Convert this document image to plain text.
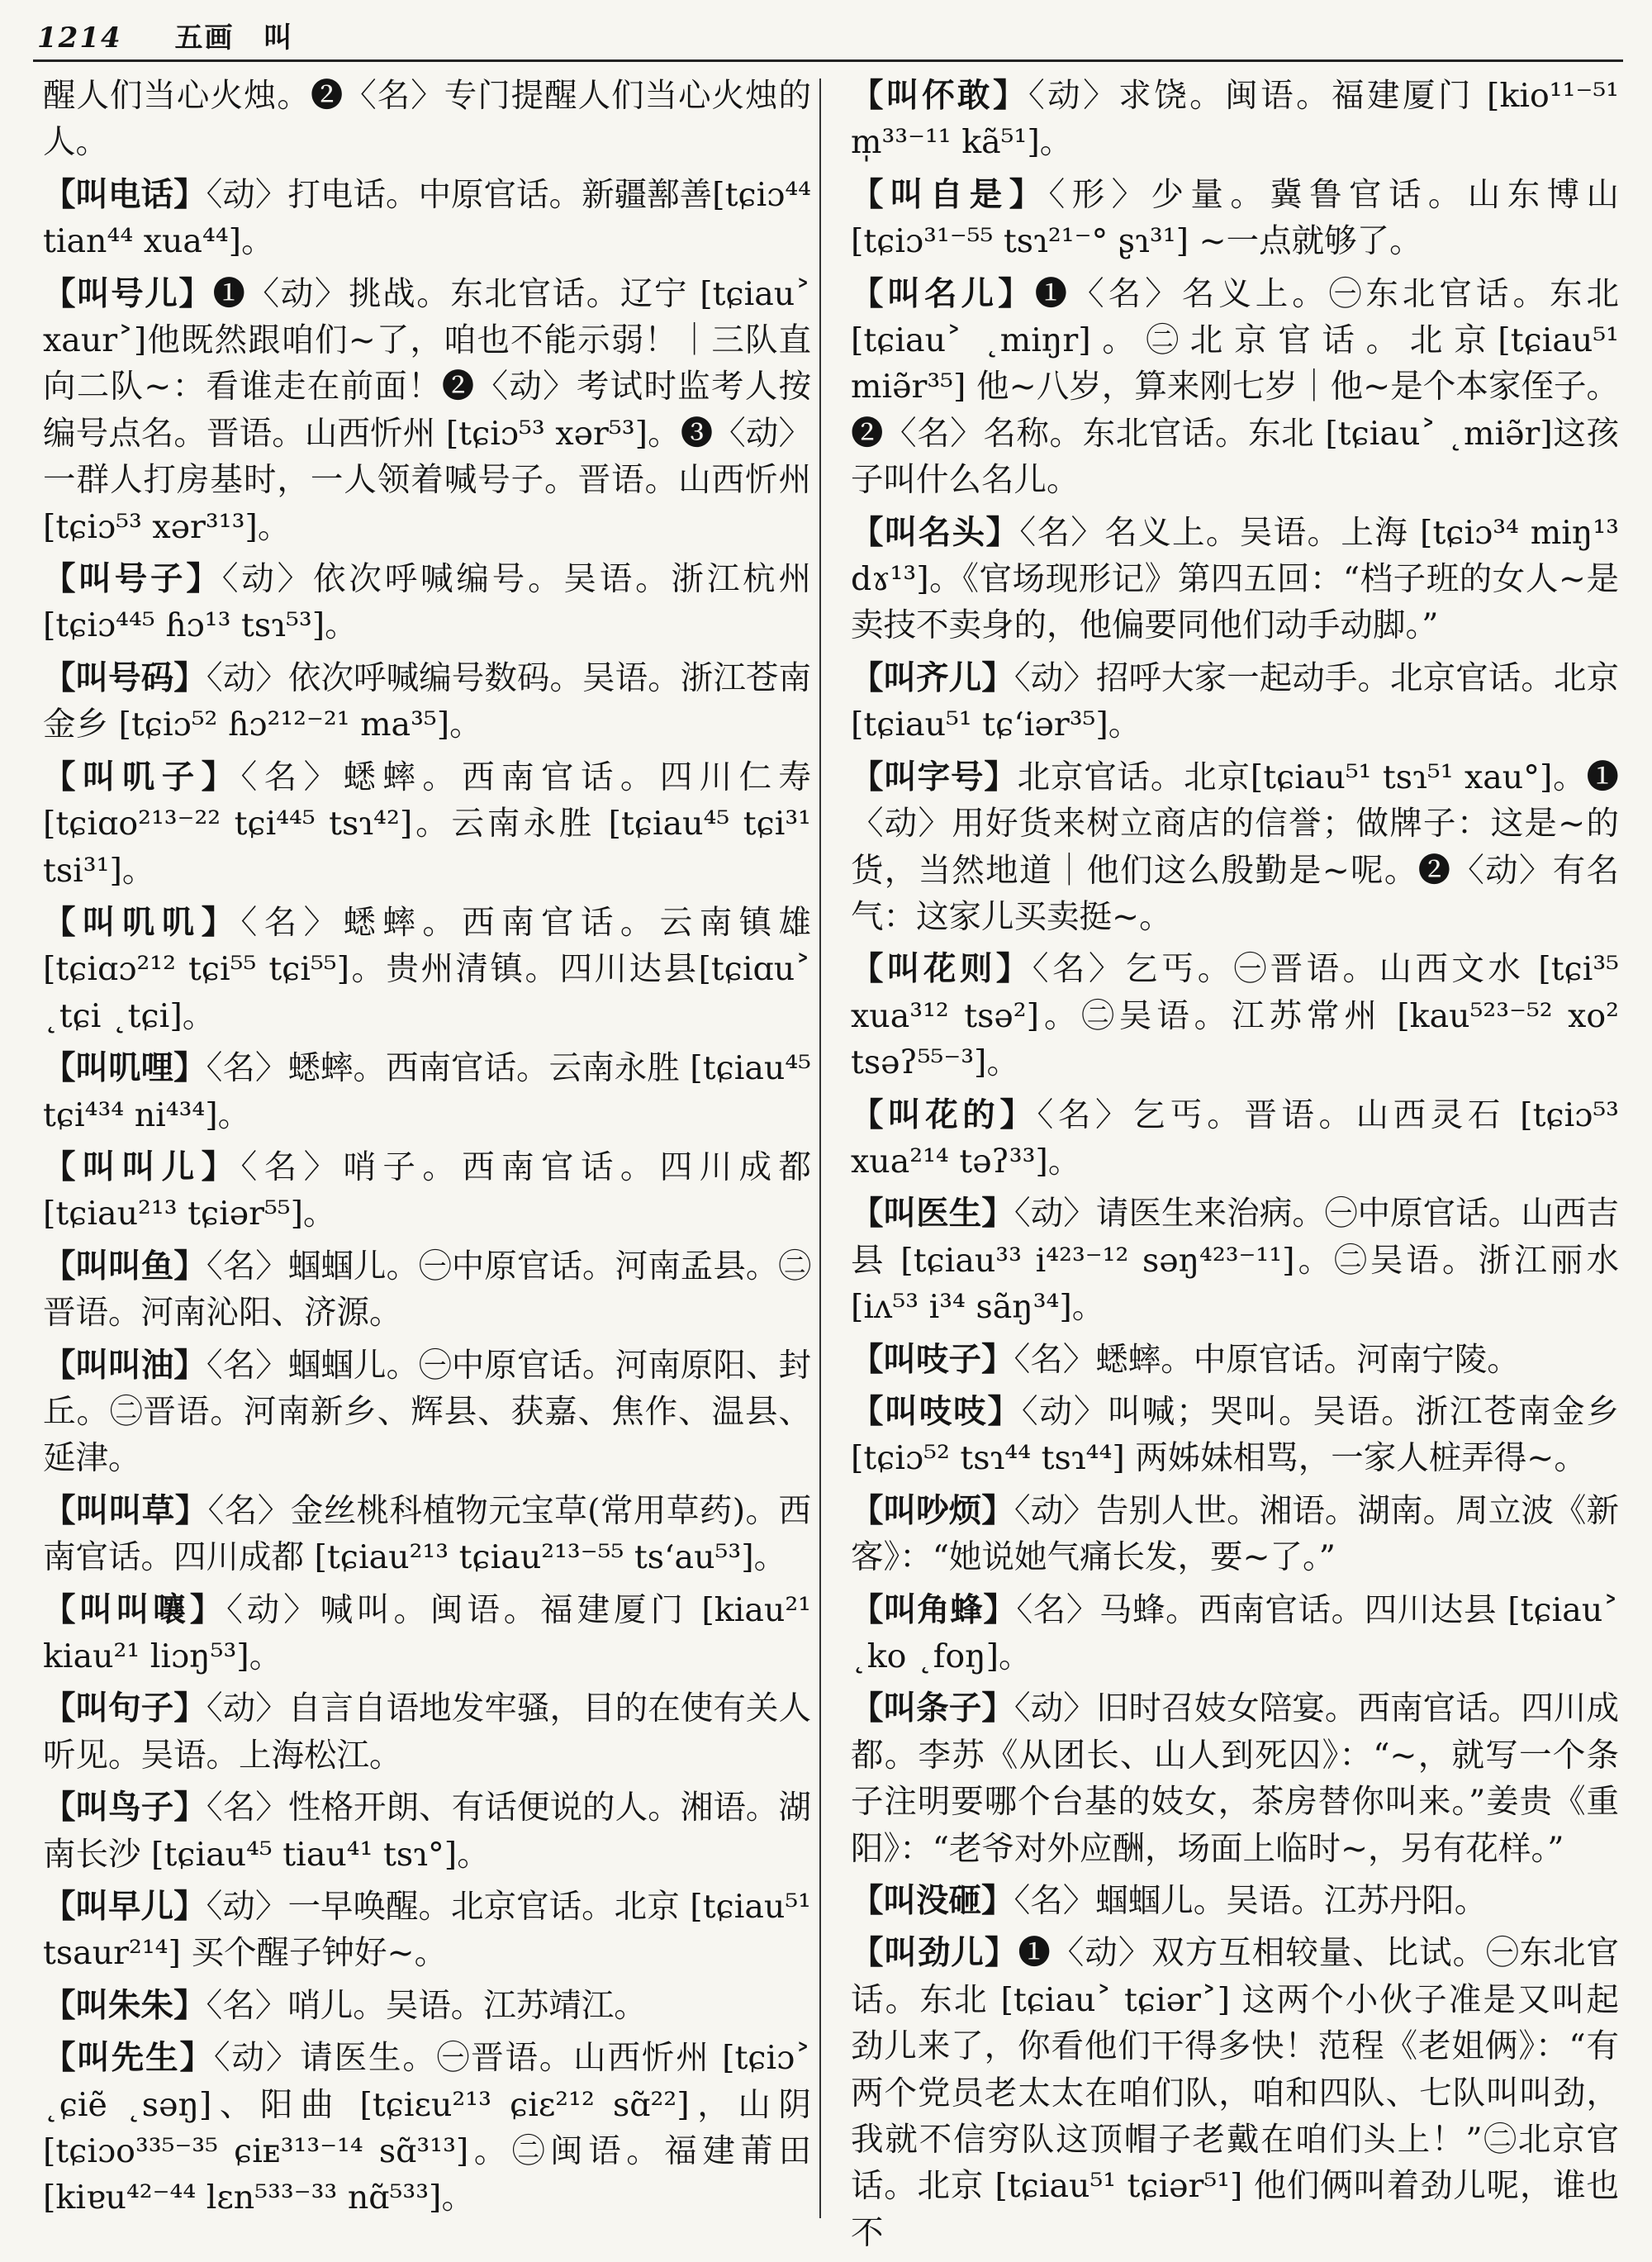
1214 五画 叫
醒人们当心火烛。❷〈名〉专门提醒人们当心火烛的人。
【叫电话】〈动〉打电话。中原官话。新疆鄯善[tɕiɔ⁴⁴ tian⁴⁴ xua⁴⁴]。
【叫号儿】❶〈动〉挑战。东北官话。辽宁 [tɕiau˃ xaur˃]他既然跟咱们~了，咱也不能示弱！｜三队直向二队~：看谁走在前面！❷〈动〉考试时监考人按编号点名。晋语。山西忻州 [tɕiɔ⁵³ xər⁵³]。❸〈动〉一群人打房基时，一人领着喊号子。晋语。山西忻州 [tɕiɔ⁵³ xər³¹³]。
【叫号子】〈动〉依次呼喊编号。吴语。浙江杭州[tɕiɔ⁴⁴⁵ ɦɔ¹³ tsɿ⁵³]。
【叫号码】〈动〉依次呼喊编号数码。吴语。浙江苍南金乡 [tɕiɔ⁵² ɦɔ²¹²⁻²¹ ma³⁵]。
【叫叽子】〈名〉蟋蟀。西南官话。四川仁寿[tɕiɑo²¹³⁻²² tɕi⁴⁴⁵ tsɿ⁴²]。云南永胜 [tɕiau⁴⁵ tɕi³¹ tsi³¹]。
【叫叽叽】〈名〉蟋蟀。西南官话。云南镇雄[tɕiɑɔ²¹² tɕi⁵⁵ tɕi⁵⁵]。贵州清镇。四川达县[tɕiɑu˃ ˛tɕi ˛tɕi]。
【叫叽哩】〈名〉蟋蟀。西南官话。云南永胜 [tɕiau⁴⁵ tɕi⁴³⁴ ni⁴³⁴]。
【叫叫儿】〈名〉哨子。西南官话。四川成都[tɕiau²¹³ tɕiər⁵⁵]。
【叫叫鱼】〈名〉蝈蝈儿。㊀中原官话。河南孟县。㊁晋语。河南沁阳、济源。
【叫叫油】〈名〉蝈蝈儿。㊀中原官话。河南原阳、封丘。㊁晋语。河南新乡、辉县、获嘉、焦作、温县、延津。
【叫叫草】〈名〉金丝桃科植物元宝草(常用草药)。西南官话。四川成都 [tɕiau²¹³ tɕiau²¹³⁻⁵⁵ ts‘au⁵³]。
【叫叫嚷】〈动〉喊叫。闽语。福建厦门 [kiau²¹ kiau²¹ liɔŋ⁵³]。
【叫句子】〈动〉自言自语地发牢骚，目的在使有关人听见。吴语。上海松江。
【叫鸟子】〈名〉性格开朗、有话便说的人。湘语。湖南长沙 [tɕiau⁴⁵ tiau⁴¹ tsɿ°]。
【叫早儿】〈动〉一早唤醒。北京官话。北京 [tɕiau⁵¹ tsaur²¹⁴] 买个醒子钟好~。
【叫朱朱】〈名〉哨儿。吴语。江苏靖江。
【叫先生】〈动〉请医生。㊀晋语。山西忻州 [tɕiɔ˃ ˛ɕiẽ ˛səŋ]、阳曲 [tɕiɛu²¹³ ɕiɛ²¹² sɑ̃²²]，山阴[tɕiɔo³³⁵⁻³⁵ ɕiᴇ³¹³⁻¹⁴ sɑ̃³¹³]。㊁闽语。福建莆田 [kiɐu⁴²⁻⁴⁴ lɛn⁵³³⁻³³ nɑ̃⁵³³]。
【叫伓敢】〈动〉求饶。闽语。福建厦门 [kio¹¹⁻⁵¹ m̩³³⁻¹¹ kã⁵¹]。
【叫自是】〈形〉少量。冀鲁官话。山东博山[tɕiɔ³¹⁻⁵⁵ tsɿ²¹⁻° ʂɿ³¹] ~一点就够了。
【叫名儿】❶〈名〉名义上。㊀东北官话。东北[tɕiau˃ ˛miŋr]。㊁北京官话。北京[tɕiau⁵¹ miə̃r³⁵] 他~八岁，算来刚七岁｜他~是个本家侄子。❷〈名〉名称。东北官话。东北 [tɕiau˃ ˛miə̃r]这孩子叫什么名儿。
【叫名头】〈名〉名义上。吴语。上海 [tɕiɔ³⁴ miŋ¹³ dɤ¹³]。《官场现形记》第四五回：“档子班的女人~是卖技不卖身的，他偏要同他们动手动脚。”
【叫齐儿】〈动〉招呼大家一起动手。北京官话。北京 [tɕiau⁵¹ tɕ‘iər³⁵]。
【叫字号】北京官话。北京[tɕiau⁵¹ tsɿ⁵¹ xau°]。❶〈动〉用好货来树立商店的信誉；做牌子：这是~的货，当然地道｜他们这么殷勤是~呢。❷〈动〉有名气：这家儿买卖挺~。
【叫花则】〈名〉乞丐。㊀晋语。山西文水 [tɕi³⁵ xua³¹² tsə²]。㊁吴语。江苏常州 [kau⁵²³⁻⁵² xo² tsəʔ⁵⁵⁻³]。
【叫花的】〈名〉乞丐。晋语。山西灵石 [tɕiɔ⁵³ xua²¹⁴ təʔ³³]。
【叫医生】〈动〉请医生来治病。㊀中原官话。山西吉县 [tɕiau³³ i⁴²³⁻¹² səŋ⁴²³⁻¹¹]。㊁吴语。浙江丽水 [iʌ⁵³ i³⁴ sãŋ³⁴]。
【叫吱子】〈名〉蟋蟀。中原官话。河南宁陵。
【叫吱吱】〈动〉叫喊；哭叫。吴语。浙江苍南金乡 [tɕiɔ⁵² tsɿ⁴⁴ tsɿ⁴⁴] 两姊妹相骂，一家人桩弄得~。
【叫吵烦】〈动〉告别人世。湘语。湖南。周立波《新客》：“她说她气痛长发，要~了。”
【叫角蜂】〈名〉马蜂。西南官话。四川达县 [tɕiau˃ ˛ko ˛foŋ]。
【叫条子】〈动〉旧时召妓女陪宴。西南官话。四川成都。李苏《从团长、山人到死囚》：“~，就写一个条子注明要哪个台基的妓女，茶房替你叫来。”姜贵《重阳》：“老爷对外应酬，场面上临时~，另有花样。”
【叫没砸】〈名〉蝈蝈儿。吴语。江苏丹阳。
【叫劲儿】❶〈动〉双方互相较量、比试。㊀东北官话。东北 [tɕiau˃ tɕiər˃] 这两个小伙子准是又叫起劲儿来了，你看他们干得多快！范程《老姐俩》：“有两个党员老太太在咱们队，咱和四队、七队叫叫劲，我就不信穷队这顶帽子老戴在咱们头上！”㊁北京官话。北京 [tɕiau⁵¹ tɕiər⁵¹] 他们俩叫着劲儿呢，谁也不
